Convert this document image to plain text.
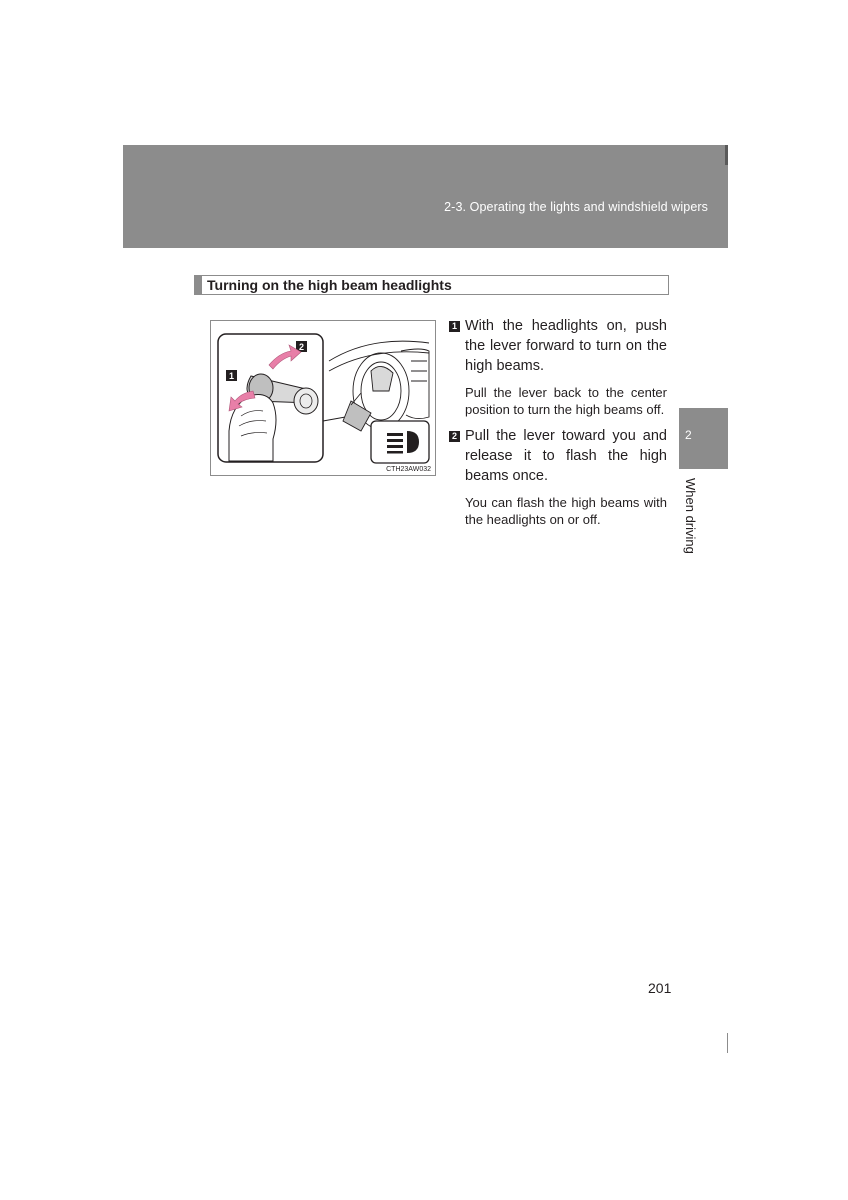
2-3. Operating the lights and windshield wipers

Turning on the high beam headlights

1
2

CTH23AW032

1 With the headlights on, push the lever forward to turn on the high beams.

Pull the lever back to the center position to turn the high beams off.

2 Pull the lever toward you and release it to flash the high beams once.

You can flash the high beams with the headlights on or off.

2

When driving

201
